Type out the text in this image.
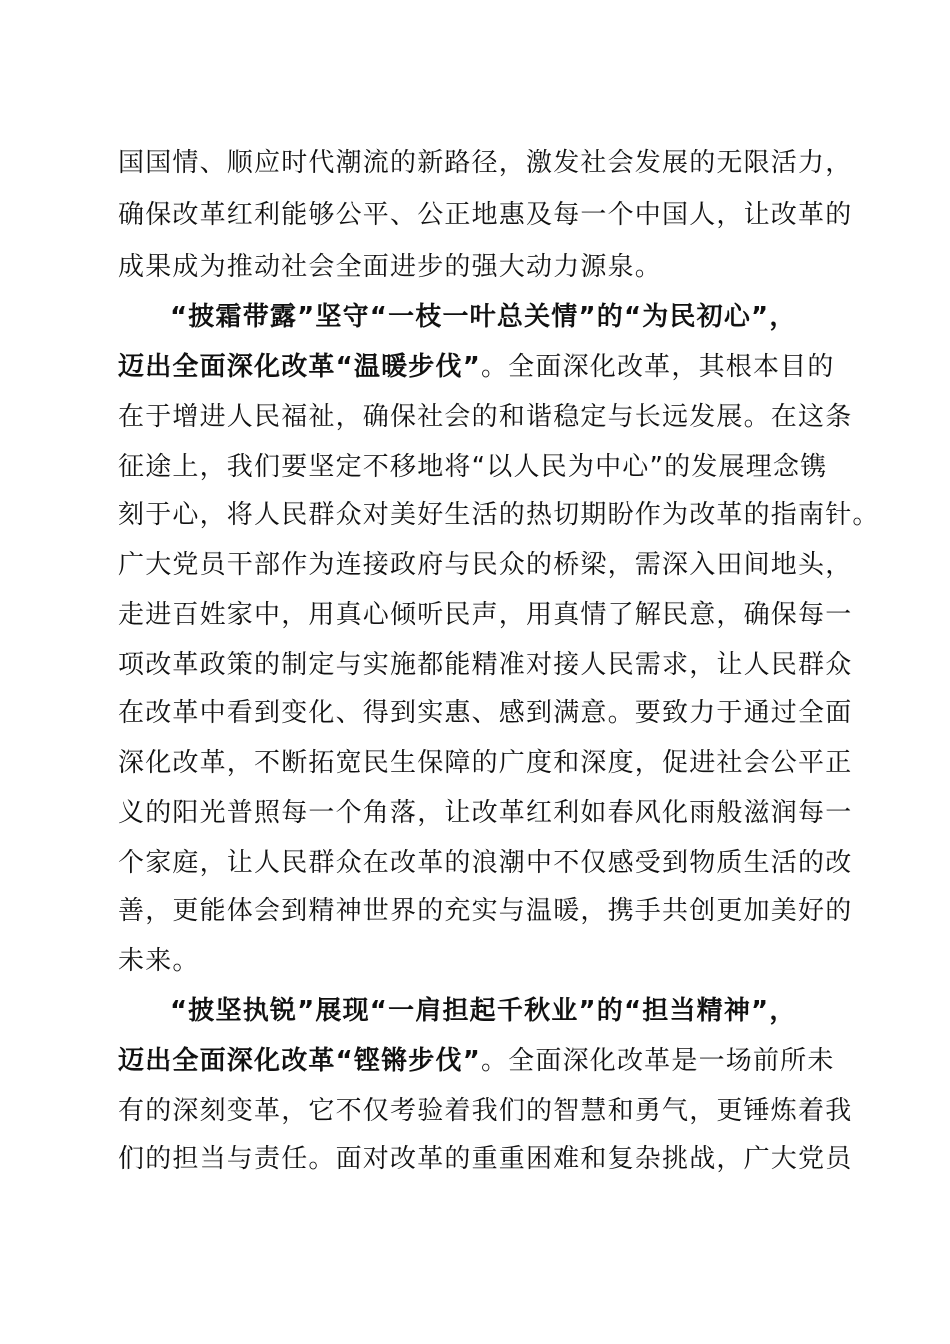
国国情、顺应时代潮流的新路径，激发社会发展的无限活力，
确保改革红利能够公平、公正地惠及每一个中国人，让改革的
成果成为推动社会全面进步的强大动力源泉。
“披霜带露”坚守“一枝一叶总关情”的“为民初心”，
迈出全面深化改革“温暖步伐”。全面深化改革，其根本目的
在于增进人民福祉，确保社会的和谐稳定与长远发展。在这条
征途上，我们要坚定不移地将“以人民为中心”的发展理念镌
刻于心，将人民群众对美好生活的热切期盼作为改革的指南针。
广大党员干部作为连接政府与民众的桥梁，需深入田间地头，
走进百姓家中，用真心倾听民声，用真情了解民意，确保每一
项改革政策的制定与实施都能精准对接人民需求，让人民群众
在改革中看到变化、得到实惠、感到满意。要致力于通过全面
深化改革，不断拓宽民生保障的广度和深度，促进社会公平正
义的阳光普照每一个角落，让改革红利如春风化雨般滋润每一
个家庭，让人民群众在改革的浪潮中不仅感受到物质生活的改
善，更能体会到精神世界的充实与温暖，携手共创更加美好的
未来。
“披坚执锐”展现“一肩担起千秋业”的“担当精神”，
迈出全面深化改革“铿锵步伐”。全面深化改革是一场前所未
有的深刻变革，它不仅考验着我们的智慧和勇气，更锤炼着我
们的担当与责任。面对改革的重重困难和复杂挑战，广大党员
